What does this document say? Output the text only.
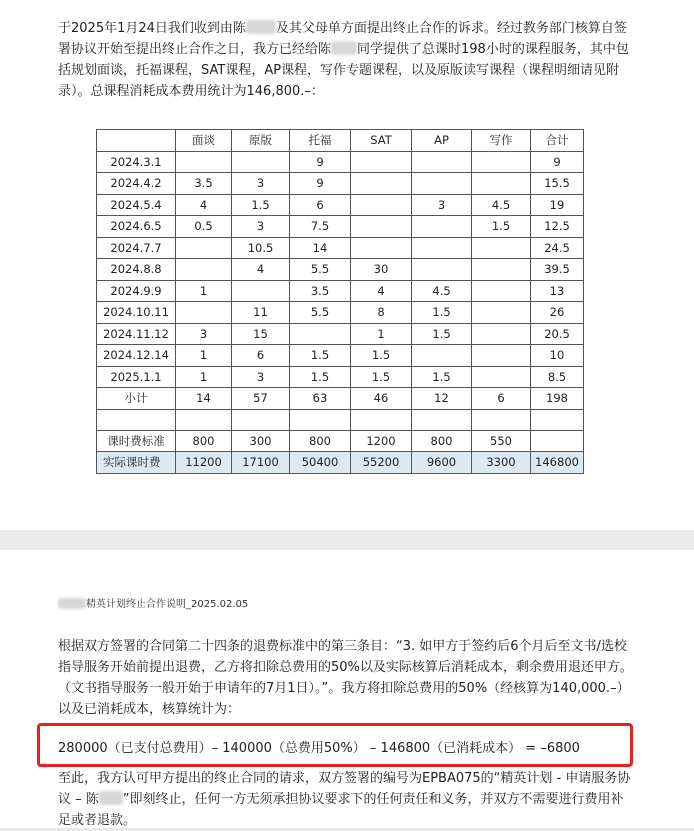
于2025年1月24日我们收到由陈 及其父母单方面提出终止合作的诉求。经过教务部门核算自签署协议开始至提出终止合作之日，我方已经给陈 同学提供了总课时198小时的课程服务，其中包括规划面谈，托福课程，SAT课程，AP课程，写作专题课程，以及原版读写课程（课程明细请见附录）。总课程消耗成本费用统计为146,800.–：
	面谈	原版	托福	SAT	AP	写作	合计
2024.3.1			9				9
2024.4.2	3.5	3	9				15.5
2024.5.4	4	1.5	6		3	4.5	19
2024.6.5	0.5	3	7.5			1.5	12.5
2024.7.7		10.5	14				24.5
2024.8.8		4	5.5	30			39.5
2024.9.9	1		3.5	4	4.5		13
2024.10.11		11	5.5	8	1.5		26
2024.11.12	3	15		1	1.5		20.5
2024.12.14	1	6	1.5	1.5			10
2025.1.1	1	3	1.5	1.5	1.5		8.5
小计	14	57	63	46	12	6	198

课时费标准	800	300	800	1200	800	550	
实际课时费	11200	17100	50400	55200	9600	3300	146800
精英计划终止合作说明_2025.02.05
根据双方签署的合同第二十四条的退费标准中的第三条目：“3. 如甲方于签约后6个月后至文书/选校指导服务开始前提出退费，乙方将扣除总费用的50%以及实际核算后消耗成本，剩余费用退还甲方。（文书指导服务一般开始于申请年的7月1日）。”。我方将扣除总费用的50%（经核算为140,000.–）以及已消耗成本，核算统计为：
280000（已支付总费用）– 140000（总费用50%） – 146800（已消耗成本） = –6800
至此，我方认可甲方提出的终止合同的请求，双方签署的编号为EPBA075的“精英计划 - 申请服务协议 – 陈 ”即刻终止，任何一方无须承担协议要求下的任何责任和义务，并双方不需要进行费用补足或者退款。
